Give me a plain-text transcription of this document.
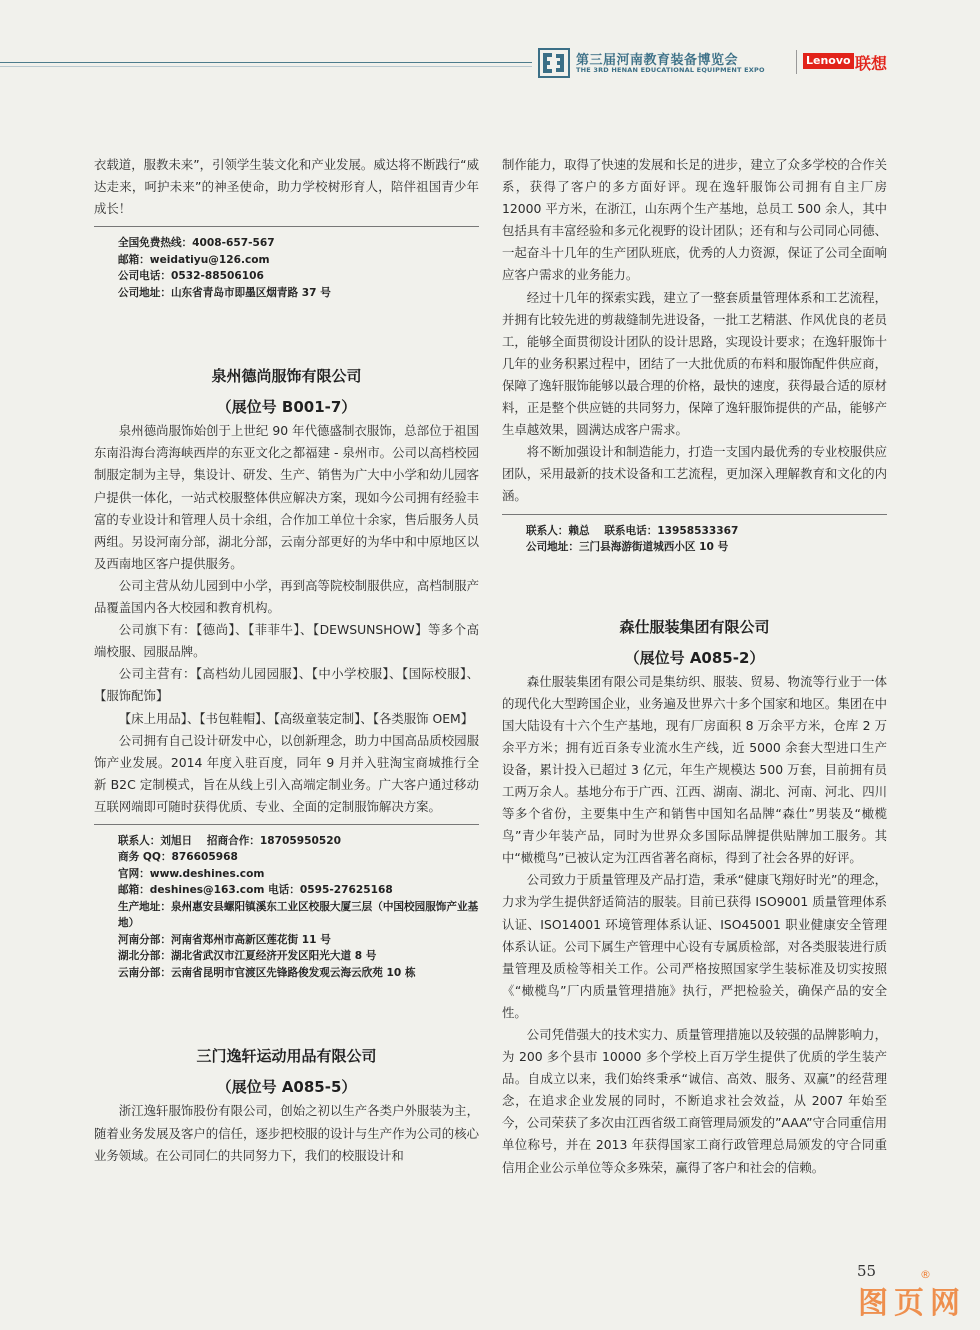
第三届河南教育装备博览会
THE 3RD HENAN EDUCATIONAL EQUIPMENT EXPO
Lenovo 联想

衣载道，服教未来”，引领学生装文化和产业发展。威达将不断践行“威达走来，呵护未来”的神圣使命，助力学校树形育人，陪伴祖国青少年成长！

全国免费热线：4008-657-567
邮箱：weidatiyu@126.com
公司电话：0532-88506106
公司地址：山东省青岛市即墨区烟青路 37 号
泉州德尚服饰有限公司
（展位号 B001-7）

泉州德尚服饰始创于上世纪 90 年代德盛制衣服饰，总部位于祖国东南沿海台湾海峡西岸的东亚文化之都福建 - 泉州市。公司以高档校园制服定制为主导，集设计、研发、生产、销售为广大中小学和幼儿园客户提供一体化，一站式校服整体供应解决方案，现如今公司拥有经验丰富的专业设计和管理人员十余组，合作加工单位十余家，售后服务人员两组。另设河南分部，湖北分部，云南分部更好的为华中和中原地区以及西南地区客户提供服务。

公司主营从幼儿园到中小学，再到高等院校制服供应，高档制服产品覆盖国内各大校园和教育机构。

公司旗下有：【德尚】、【菲菲牛】、【DEWSUNSHOW】等多个高端校服、园服品牌。

公司主营有：【高档幼儿园园服】、【中小学校服】、【国际校服】、【服饰配饰】

【床上用品】、【书包鞋帽】、【高级童装定制】、【各类服饰 OEM】

公司拥有自己设计研发中心，以创新理念，助力中国高品质校园服饰产业发展。2014 年度入驻百度，同年 9 月并入驻淘宝商城推行全新 B2C 定制模式，旨在从线上引入高端定制业务。广大客户通过移动互联网端即可随时获得优质、专业、全面的定制服饰解决方案。

联系人：刘旭日    招商合作：18705950520
商务 QQ：876605968
官网：www.deshines.com
邮箱：deshines@163.com 电话：0595-27625168
生产地址：泉州惠安县螺阳镇溪东工业区校服大厦三层（中国校园服饰产业基地）
河南分部：河南省郑州市高新区莲花街 11 号
湖北分部：湖北省武汉市江夏经济开发区阳光大道 8 号
云南分部：云南省昆明市官渡区先锋路俊发观云海云欣苑 10 栋
三门逸轩运动用品有限公司
（展位号 A085-5）

浙江逸轩服饰股份有限公司，创始之初以生产各类户外服装为主，随着业务发展及客户的信任，逐步把校服的设计与生产作为公司的核心业务领域。在公司同仁的共同努力下，我们的校服设计和

制作能力，取得了快速的发展和长足的进步，建立了众多学校的合作关系，获得了客户的多方面好评。现在逸轩服饰公司拥有自主厂房 12000 平方米，在浙江，山东两个生产基地，总员工 500 余人，其中包括具有丰富经验和多元化视野的设计团队；还有和与公司同心同德、一起奋斗十几年的生产团队班底，优秀的人力资源，保证了公司全面响应客户需求的业务能力。

经过十几年的探索实践，建立了一整套质量管理体系和工艺流程，并拥有比较先进的剪裁缝制先进设备，一批工艺精湛、作风优良的老员工，能够全面贯彻设计团队的设计思路，实现设计要求；在逸轩服饰十几年的业务积累过程中，团结了一大批优质的布料和服饰配件供应商，保障了逸轩服饰能够以最合理的价格，最快的速度，获得最合适的原材料，正是整个供应链的共同努力，保障了逸轩服饰提供的产品，能够产生卓越效果，圆满达成客户需求。

将不断加强设计和制造能力，打造一支国内最优秀的专业校服供应团队，采用最新的技术设备和工艺流程，更加深入理解教育和文化的内涵。

联系人：赖总    联系电话：13958533367
公司地址：三门县海游街道城西小区 10 号
森仕服装集团有限公司
（展位号 A085-2）

森仕服装集团有限公司是集纺织、服装、贸易、物流等行业于一体的现代化大型跨国企业，业务遍及世界六十多个国家和地区。集团在中国大陆设有十六个生产基地，现有厂房面积 8 万余平方米，仓库 2 万余平方米；拥有近百条专业流水生产线，近 5000 余套大型进口生产设备，累计投入已超过 3 亿元，年生产规模达 500 万套，目前拥有员工两万余人。基地分布于广西、江西、湖南、湖北、河南、河北、四川等多个省份，主要集中生产和销售中国知名品牌“森仕”男装及“橄榄鸟”青少年装产品，同时为世界众多国际品牌提供贴牌加工服务。其中“橄榄鸟”已被认定为江西省著名商标，得到了社会各界的好评。

公司致力于质量管理及产品打造，秉承“健康飞翔好时光”的理念，力求为学生提供舒适简洁的服装。目前已获得 ISO9001 质量管理体系认证、ISO14001 环境管理体系认证、ISO45001 职业健康安全管理体系认证。公司下属生产管理中心设有专属质检部，对各类服装进行质量管理及质检等相关工作。公司严格按照国家学生装标准及切实按照《“橄榄鸟”厂内质量管理措施》执行，严把检验关，确保产品的安全性。

公司凭借强大的技术实力、质量管理措施以及较强的品牌影响力，为 200 多个县市 10000 多个学校上百万学生提供了优质的学生装产品。自成立以来，我们始终秉承“诚信、高效、服务、双赢”的经营理念，在追求企业发展的同时，不断追求社会效益，从 2007 年始至今，公司荣获了多次由江西省级工商管理局颁发的”AAA”守合同重信用单位称号，并在 2013 年获得国家工商行政管理总局颁发的守合同重信用企业公示单位等众多殊荣，赢得了客户和社会的信赖。

55
图页网
®
